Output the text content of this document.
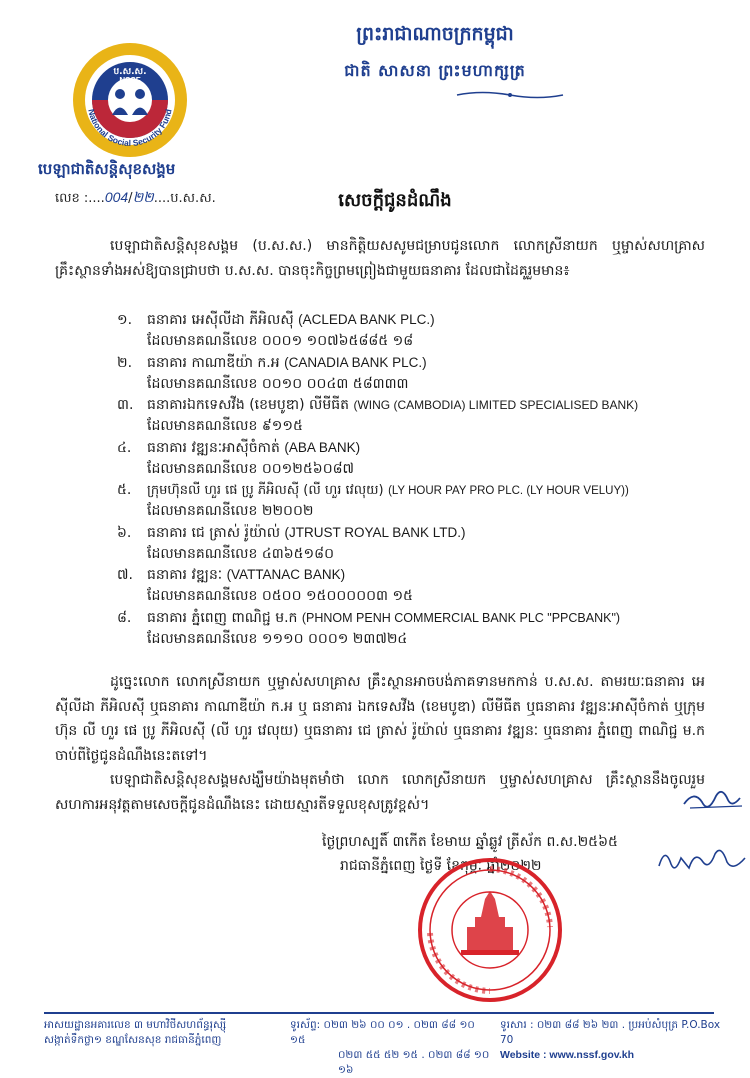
ព្រះរាជាណាចក្រកម្ពុជា
ជាតិ សាសនា ព្រះមហាក្សត្រ
ប.ស.ស.
NSSF
National Social Security Fund
បេឡាជាតិសន្តិសុខសង្គម
លេខ :....004/២២....ប.ស.ស.	សេចក្តីជូនដំណឹង
បេឡាជាតិសន្តិសុខសង្គម (ប.ស.ស.) មានកិត្តិយសសូមជម្រាបជូនលោក លោកស្រីនាយក ឬម្ចាស់សហគ្រាស គ្រឹះស្ថានទាំងអស់ឱ្យបានជ្រាបថា ប.ស.ស. បានចុះកិច្ចព្រមព្រៀងជាមួយធនាគារ ដែលជាដៃគូរួមមាន៖
១. ធនាគារ អេស៊ីលីដា ភីអិលស៊ី (ACLEDA BANK PLC.)
ដែលមានគណនីលេខ ០០០១ ១០៧៦៥៨៨៥ ១៨
២. ធនាគារ កាណាឌីយ៉ា ក.អ (CANADIA BANK PLC.)
ដែលមានគណនីលេខ ០០១០ ០០៤៣ ៥៨៣៣៣
៣. ធនាគារឯកទេសវីង (ខេមបូឌា) លីមីធីត (WING (CAMBODIA) LIMITED SPECIALISED BANK)
ដែលមានគណនីលេខ ៩១១៥
៤. ធនាគារ វឌ្ឍនៈអាស៊ីចំកាត់ (ABA BANK)
ដែលមានគណនីលេខ ០០១២៥៦០៨៧
៥. ក្រុមហ៊ុនលី ហួរ ផេ ប្រូ ភីអិលស៊ី (លី ហួរ វេលុយ) (LY HOUR PAY PRO PLC. (LY HOUR VELUY))
ដែលមានគណនីលេខ ២២០០២
៦. ធនាគារ ជេ ត្រាស់ រ៉ូយ៉ាល់ (JTRUST ROYAL BANK LTD.)
ដែលមានគណនីលេខ ៤៣៦៥១៨០
៧. ធនាគារ វឌ្ឍនៈ (VATTANAC BANK)
ដែលមានគណនីលេខ ០៥០០ ១៥០០០០០៣ ១៥
៨. ធនាគារ ភ្នំពេញ ពាណិជ្ជ ម.ក (PHNOM PENH COMMERCIAL BANK PLC "PPCBANK")
ដែលមានគណនីលេខ ១១១០ ០០០១ ២៣៧២៤
ដូច្នេះលោក លោកស្រីនាយក ឬម្ចាស់សហគ្រាស គ្រឹះស្ថានអាចបង់ភាគទានមកកាន់ ប.ស.ស. តាមរយៈធនាគារ អេស៊ីលីដា ភីអិលស៊ី ឬធនាគារ កាណាឌីយ៉ា ក.អ ឬ ធនាគារ ឯកទេសវីង (ខេមបូឌា) លីមីធីត ឬធនាគារ វឌ្ឍនៈអាស៊ីចំកាត់ ឬក្រុមហ៊ុន លី ហួរ ផេ ប្រូ ភីអិលស៊ី (លី ហួរ វេលុយ) ឬធនាគារ ជេ ត្រាស់ រ៉ូយ៉ាល់ ឬធនាគារ វឌ្ឍនៈ ឬធនាគារ ភ្នំពេញ ពាណិជ្ជ ម.ក ចាប់ពីថ្ងៃជូនដំណឹងនេះតទៅ។
បេឡាជាតិសន្តិសុខសង្គមសង្ឃឹមយ៉ាងមុតមាំថា លោក លោកស្រីនាយក ឬម្ចាស់សហគ្រាស គ្រឹះស្ថាននឹងចូលរួមសហការអនុវត្តតាមសេចក្តីជូនដំណឹងនេះ ដោយស្មារតីទទួលខុសត្រូវខ្ពស់។
ថ្ងៃព្រហស្បតិ៍ ៣កើត ខែមាឃ ឆ្នាំឆ្លូវ ត្រីស័ក ព.ស.២៥៦៥
រាជធានីភ្នំពេញ ថ្ងៃទី ខែកុម្ភៈ ឆ្នាំ២០២២
អាសយដ្ឋានអគារលេខ ៣ មហាវិថីសហព័ន្ធរុស្ស៊ី
សង្កាត់ទឹកថ្លា១ ខណ្ឌសែនសុខ រាជធានីភ្នំពេញ
ទូរស័ព្ទ: ០២៣ ២៦ ០០ ០១ . ០២៣ ៨៨ ១០ ១៥
០២៣ ៥៥ ៥២ ១៥ . ០២៣ ៨៨ ១០ ១៦
ទូរសារ : ០២៣ ៨៨ ២៦ ២៣ . ប្រអប់សំបុត្រ P.O.Box 70
Website : www.nssf.gov.kh
